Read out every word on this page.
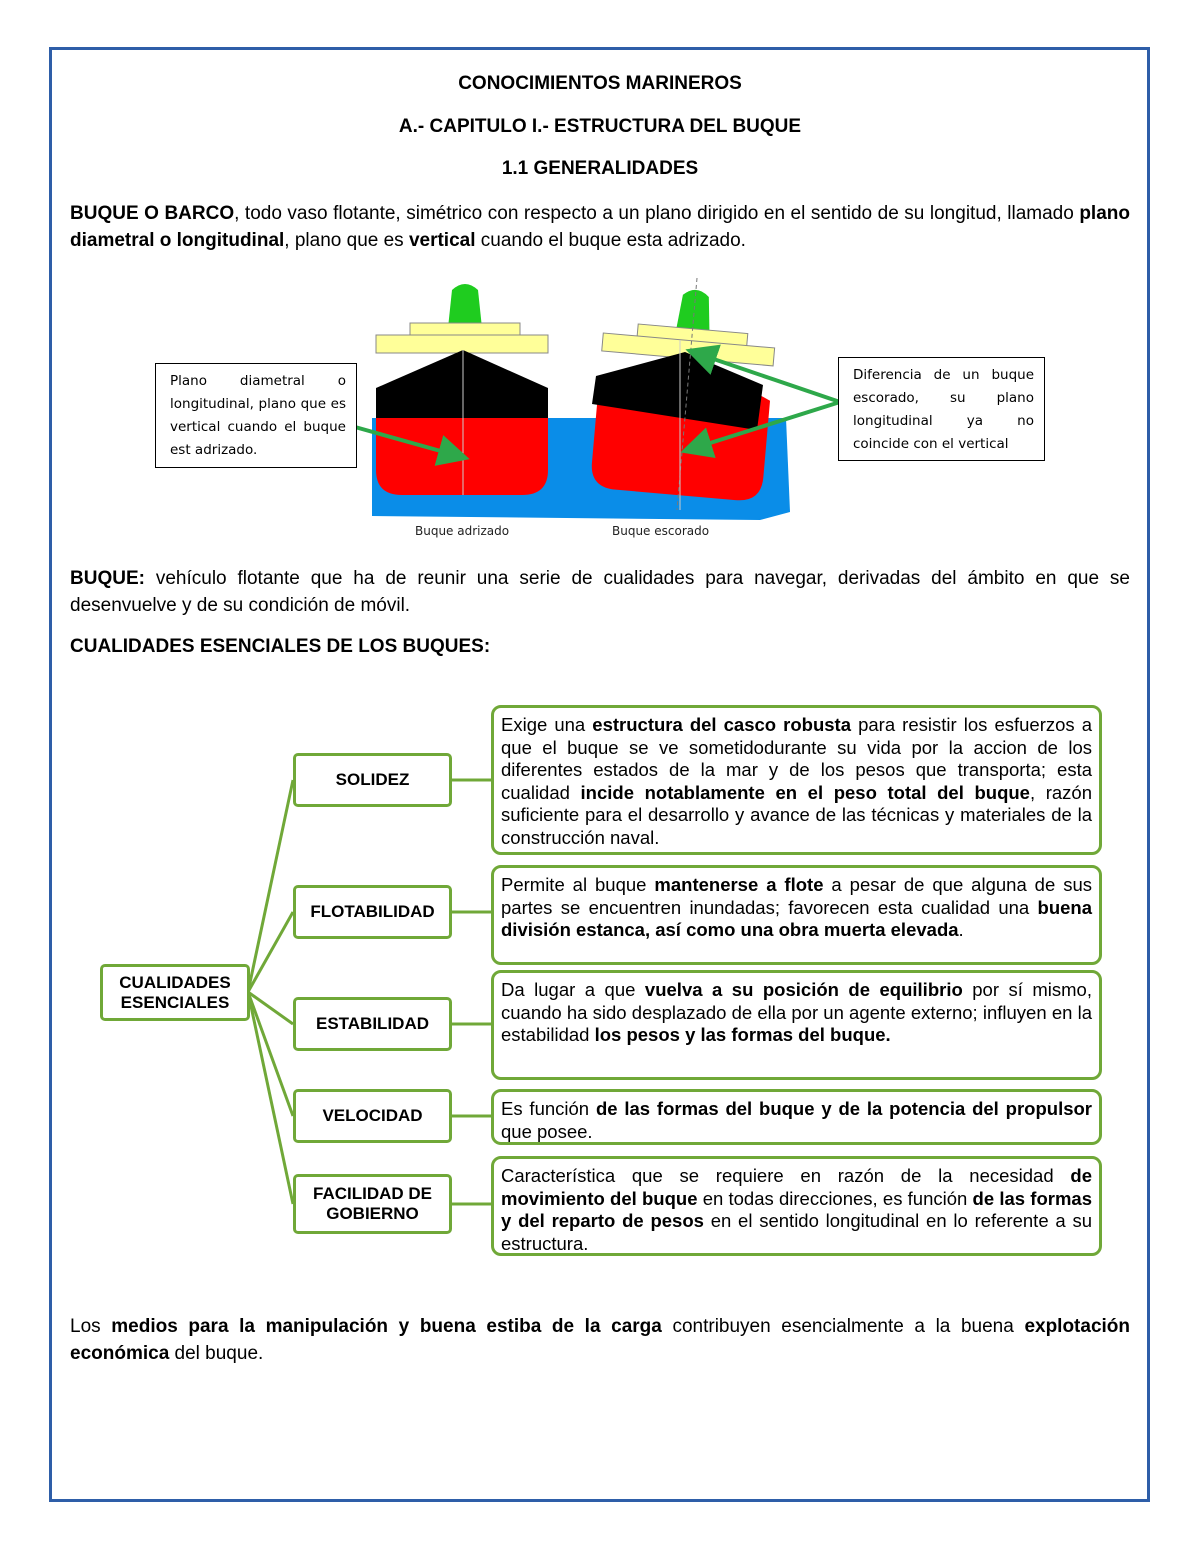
CONOCIMIENTOS MARINEROS
A.- CAPITULO I.- ESTRUCTURA DEL BUQUE
1.1 GENERALIDADES
BUQUE O BARCO, todo vaso flotante, simétrico con respecto a un plano dirigido en el sentido de su longitud, llamado plano diametral o longitudinal, plano que es vertical cuando el buque esta adrizado.
Plano diametral o longitudinal, plano que es vertical cuando el buque est adrizado.
Diferencia de un buque escorado, su plano longitudinal ya no coincide con el vertical
Buque adrizado	Buque escorado
BUQUE: vehículo flotante que ha de reunir una serie de cualidades para navegar, derivadas del ámbito en que se desenvuelve y de su condición de móvil.
CUALIDADES ESENCIALES DE LOS BUQUES:
CUALIDADES ESENCIALES
SOLIDEZ
Exige una estructura del casco robusta para resistir los esfuerzos a que el buque se ve sometidodurante su vida por la accion de los diferentes estados de la mar y de los pesos que transporta; esta cualidad incide notablamente en el peso total del buque, razón suficiente para el desarrollo y avance de las técnicas y materiales de la construcción naval.
FLOTABILIDAD
Permite al buque mantenerse a flote a pesar de que alguna de sus partes se encuentren inundadas; favorecen esta cualidad una buena división estanca, así como una obra muerta elevada.
ESTABILIDAD
Da lugar a que vuelva a su posición de equilibrio por sí mismo, cuando ha sido desplazado de ella por un agente externo; influyen en la estabilidad los pesos y las formas del buque.
VELOCIDAD	Es función de las formas del buque y de la potencia del propulsor que posee.
FACILIDAD DE GOBIERNO
Característica que se requiere en razón de la necesidad de movimiento del buque en todas direcciones, es función de las formas y del reparto de pesos en el sentido longitudinal en lo referente a su estructura.
Los medios para la manipulación y buena estiba de la carga contribuyen esencialmente a la buena explotación económica del buque.
